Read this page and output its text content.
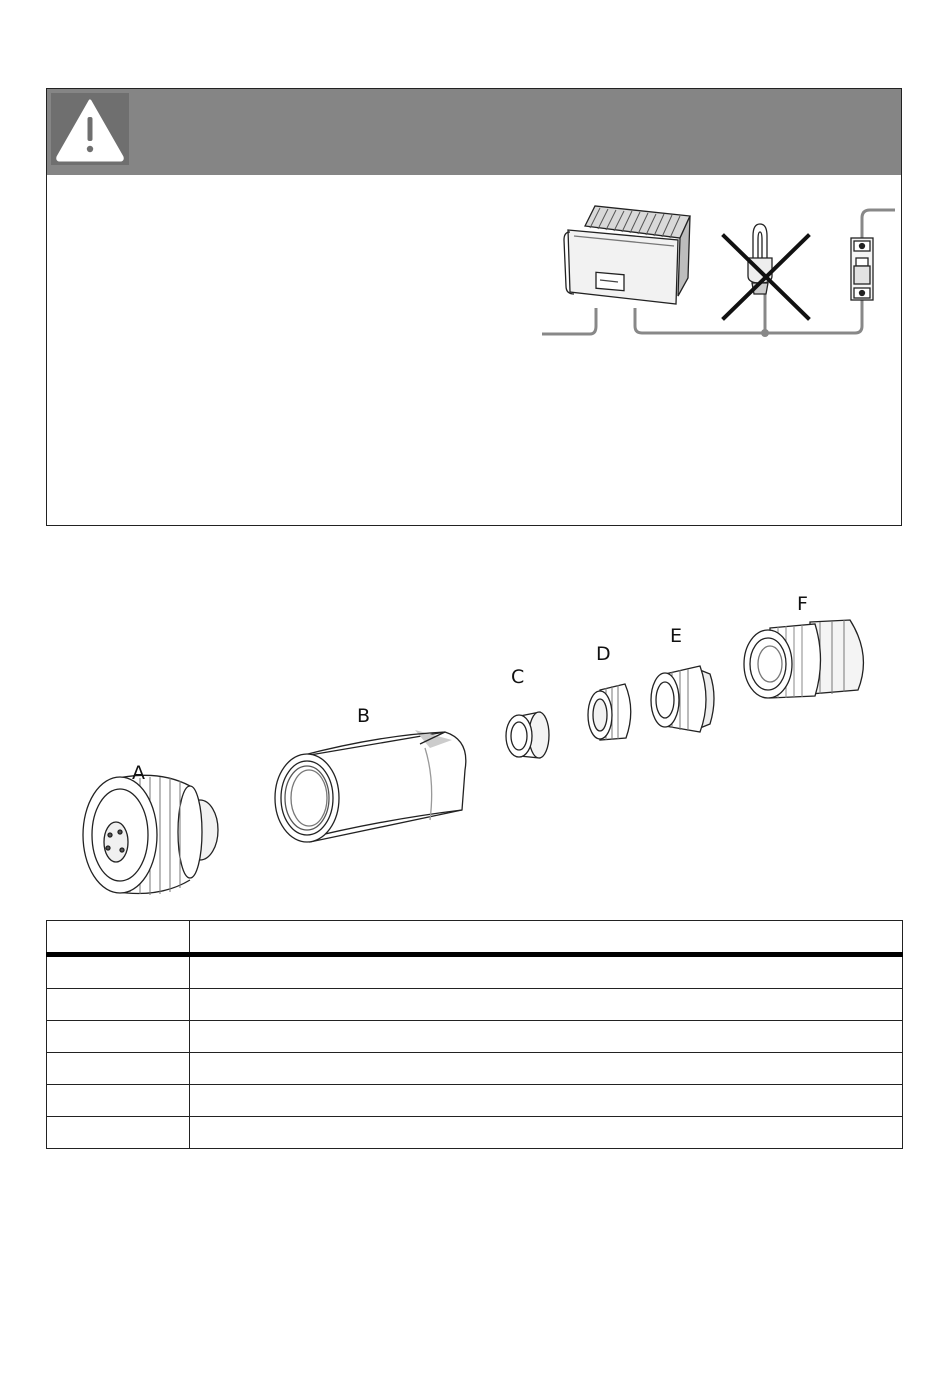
A
B
C
D
E
F
